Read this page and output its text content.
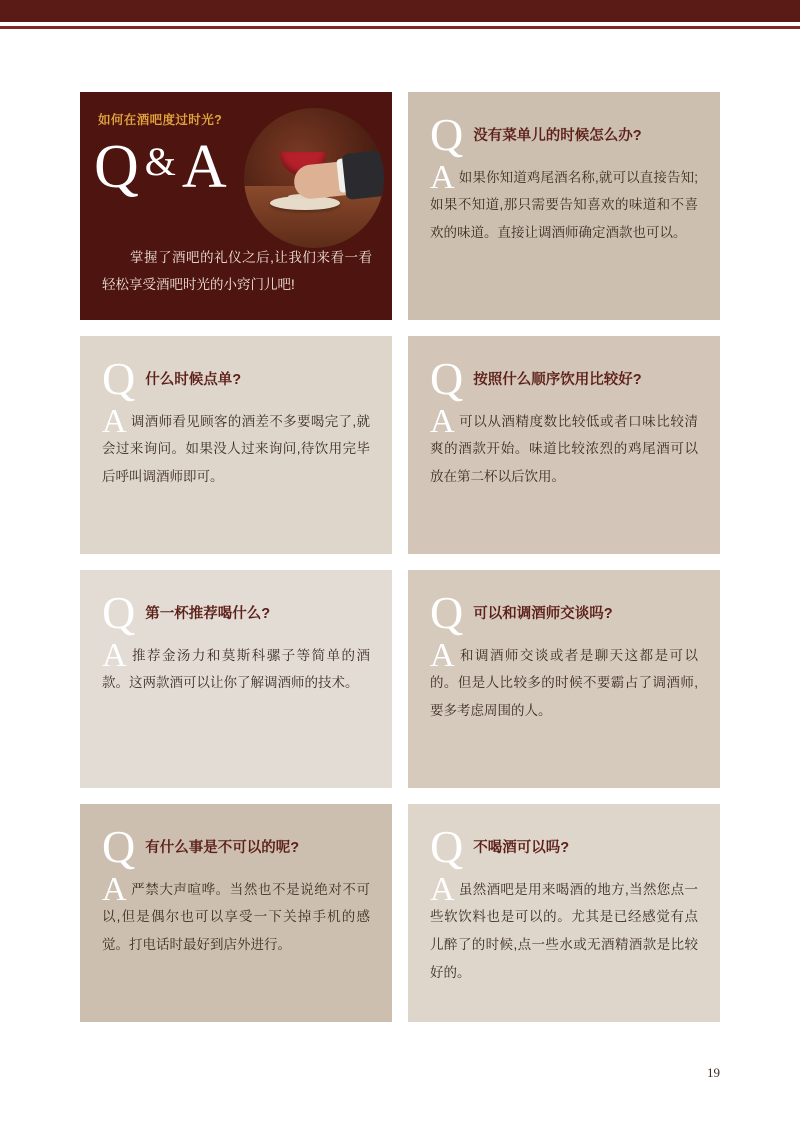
如何在酒吧度过时光?
Q &A
掌握了酒吧的礼仪之后,让我们来看一看轻松享受酒吧时光的小窍门儿吧!
Q 没有菜单儿的时候怎么办?
A如果你知道鸡尾酒名称,就可以直接告知;如果不知道,那只需要告知喜欢的味道和不喜欢的味道。直接让调酒师确定酒款也可以。
Q 什么时候点单?
A调酒师看见顾客的酒差不多要喝完了,就会过来询问。如果没人过来询问,待饮用完毕后呼叫调酒师即可。
Q 按照什么顺序饮用比较好?
A可以从酒精度数比较低或者口味比较清爽的酒款开始。味道比较浓烈的鸡尾酒可以放在第二杯以后饮用。
Q 第一杯推荐喝什么?
A推荐金汤力和莫斯科骡子等简单的酒款。这两款酒可以让你了解调酒师的技术。
Q 可以和调酒师交谈吗?
A和调酒师交谈或者是聊天这都是可以的。但是人比较多的时候不要霸占了调酒师,要多考虑周围的人。
Q 有什么事是不可以的呢?
A严禁大声喧哗。当然也不是说绝对不可以,但是偶尔也可以享受一下关掉手机的感觉。打电话时最好到店外进行。
Q 不喝酒可以吗?
A虽然酒吧是用来喝酒的地方,当然您点一些软饮料也是可以的。尤其是已经感觉有点儿醉了的时候,点一些水或无酒精酒款是比较好的。
19
